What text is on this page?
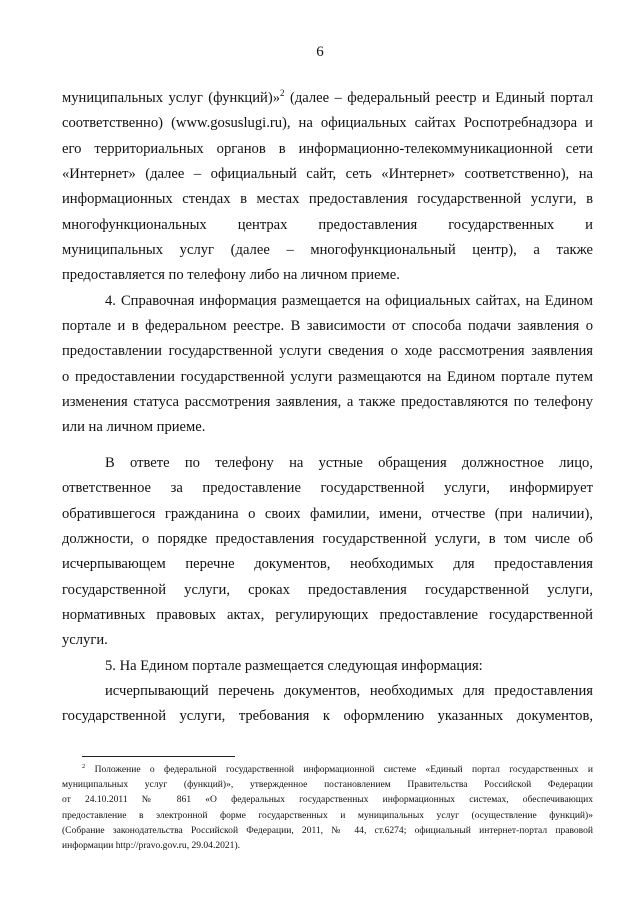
6
муниципальных услуг (функций)»$^2$ (далее – федеральный реестр и Единый портал
соответственно) (www.gosuslugi.ru), на официальных сайтах Роспотребнадзора и
его территориальных органов в информационно-телекоммуникационной сети
«Интернет» (далее – официальный сайт, сеть «Интернет» соответственно), на
информационных стендах в местах предоставления государственной услуги, в
многофункциональных центрах предоставления государственных и
муниципальных услуг (далее – многофункциональный центр), а также
предоставляется по телефону либо на личном приеме.
4. Справочная информация размещается на официальных сайтах, на Едином
портале и в федеральном реестре. В зависимости от способа подачи заявления о
предоставлении государственной услуги сведения о ходе рассмотрения заявления
о предоставлении государственной услуги размещаются на Едином портале путем
изменения статуса рассмотрения заявления, а также предоставляются по телефону
или на личном приеме.
В ответе по телефону на устные обращения должностное лицо,
ответственное за предоставление государственной услуги, информирует
обратившегося гражданина о своих фамилии, имени, отчестве (при наличии),
должности, о порядке предоставления государственной услуги, в том числе об
исчерпывающем перечне документов, необходимых для предоставления
государственной услуги, сроках предоставления государственной услуги,
нормативных правовых актах, регулирующих предоставление государственной
услуги.
5. На Едином портале размещается следующая информация:
исчерпывающий перечень документов, необходимых для предоставления
государственной услуги, требования к оформлению указанных документов,
$^2$ Положение о федеральной государственной информационной системе «Единый портал государственных и
муниципальных услуг (функций)», утвержденное постановлением Правительства Российской Федерации
от 24.10.2011 № 861 «О федеральных государственных информационных системах, обеспечивающих
предоставление в электронной форме государственных и муниципальных услуг (осуществление функций)»
(Собрание законодательства Российской Федерации, 2011, № 44, ст.6274; официальный интернет-портал правовой
информации http://pravo.gov.ru, 29.04.2021).
